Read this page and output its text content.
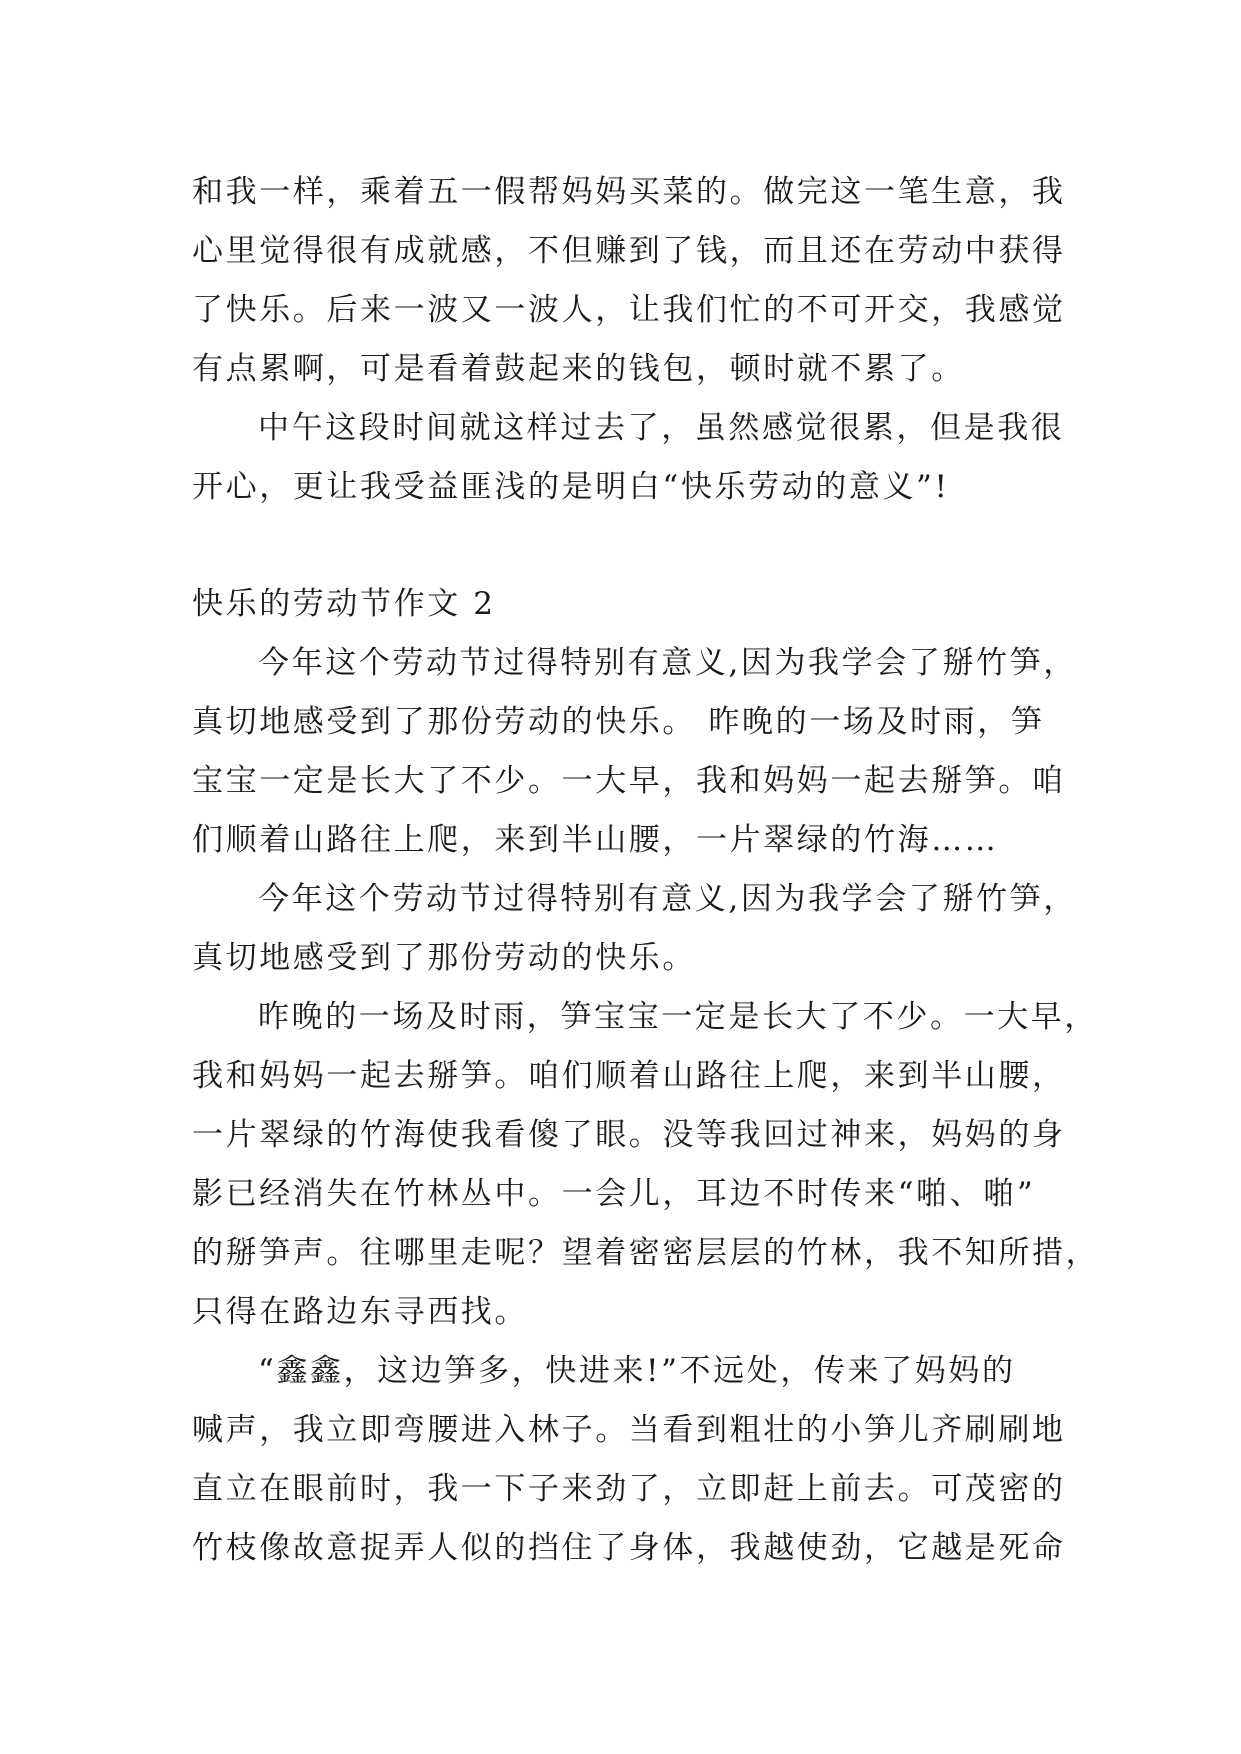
和我一样，乘着五一假帮妈妈买菜的。做完这一笔生意，我
心里觉得很有成就感，不但赚到了钱，而且还在劳动中获得
了快乐。后来一波又一波人，让我们忙的不可开交，我感觉
有点累啊，可是看着鼓起来的钱包，顿时就不累了。
中午这段时间就这样过去了，虽然感觉很累，但是我很
开心，更让我受益匪浅的是明白“快乐劳动的意义”!
快乐的劳动节作文 2
今年这个劳动节过得特别有意义,因为我学会了掰竹笋，
真切地感受到了那份劳动的快乐。 昨晚的一场及时雨，笋
宝宝一定是长大了不少。一大早，我和妈妈一起去掰笋。咱
们顺着山路往上爬，来到半山腰，一片翠绿的竹海……
今年这个劳动节过得特别有意义,因为我学会了掰竹笋，
真切地感受到了那份劳动的快乐。
昨晚的一场及时雨，笋宝宝一定是长大了不少。一大早，
我和妈妈一起去掰笋。咱们顺着山路往上爬，来到半山腰，
一片翠绿的竹海使我看傻了眼。没等我回过神来，妈妈的身
影已经消失在竹林丛中。一会儿，耳边不时传来“啪、啪”
的掰笋声。往哪里走呢？望着密密层层的竹林，我不知所措，
只得在路边东寻西找。
“鑫鑫，这边笋多，快进来!”不远处，传来了妈妈的
喊声，我立即弯腰进入林子。当看到粗壮的小笋儿齐刷刷地
直立在眼前时，我一下子来劲了，立即赶上前去。可茂密的
竹枝像故意捉弄人似的挡住了身体，我越使劲，它越是死命
